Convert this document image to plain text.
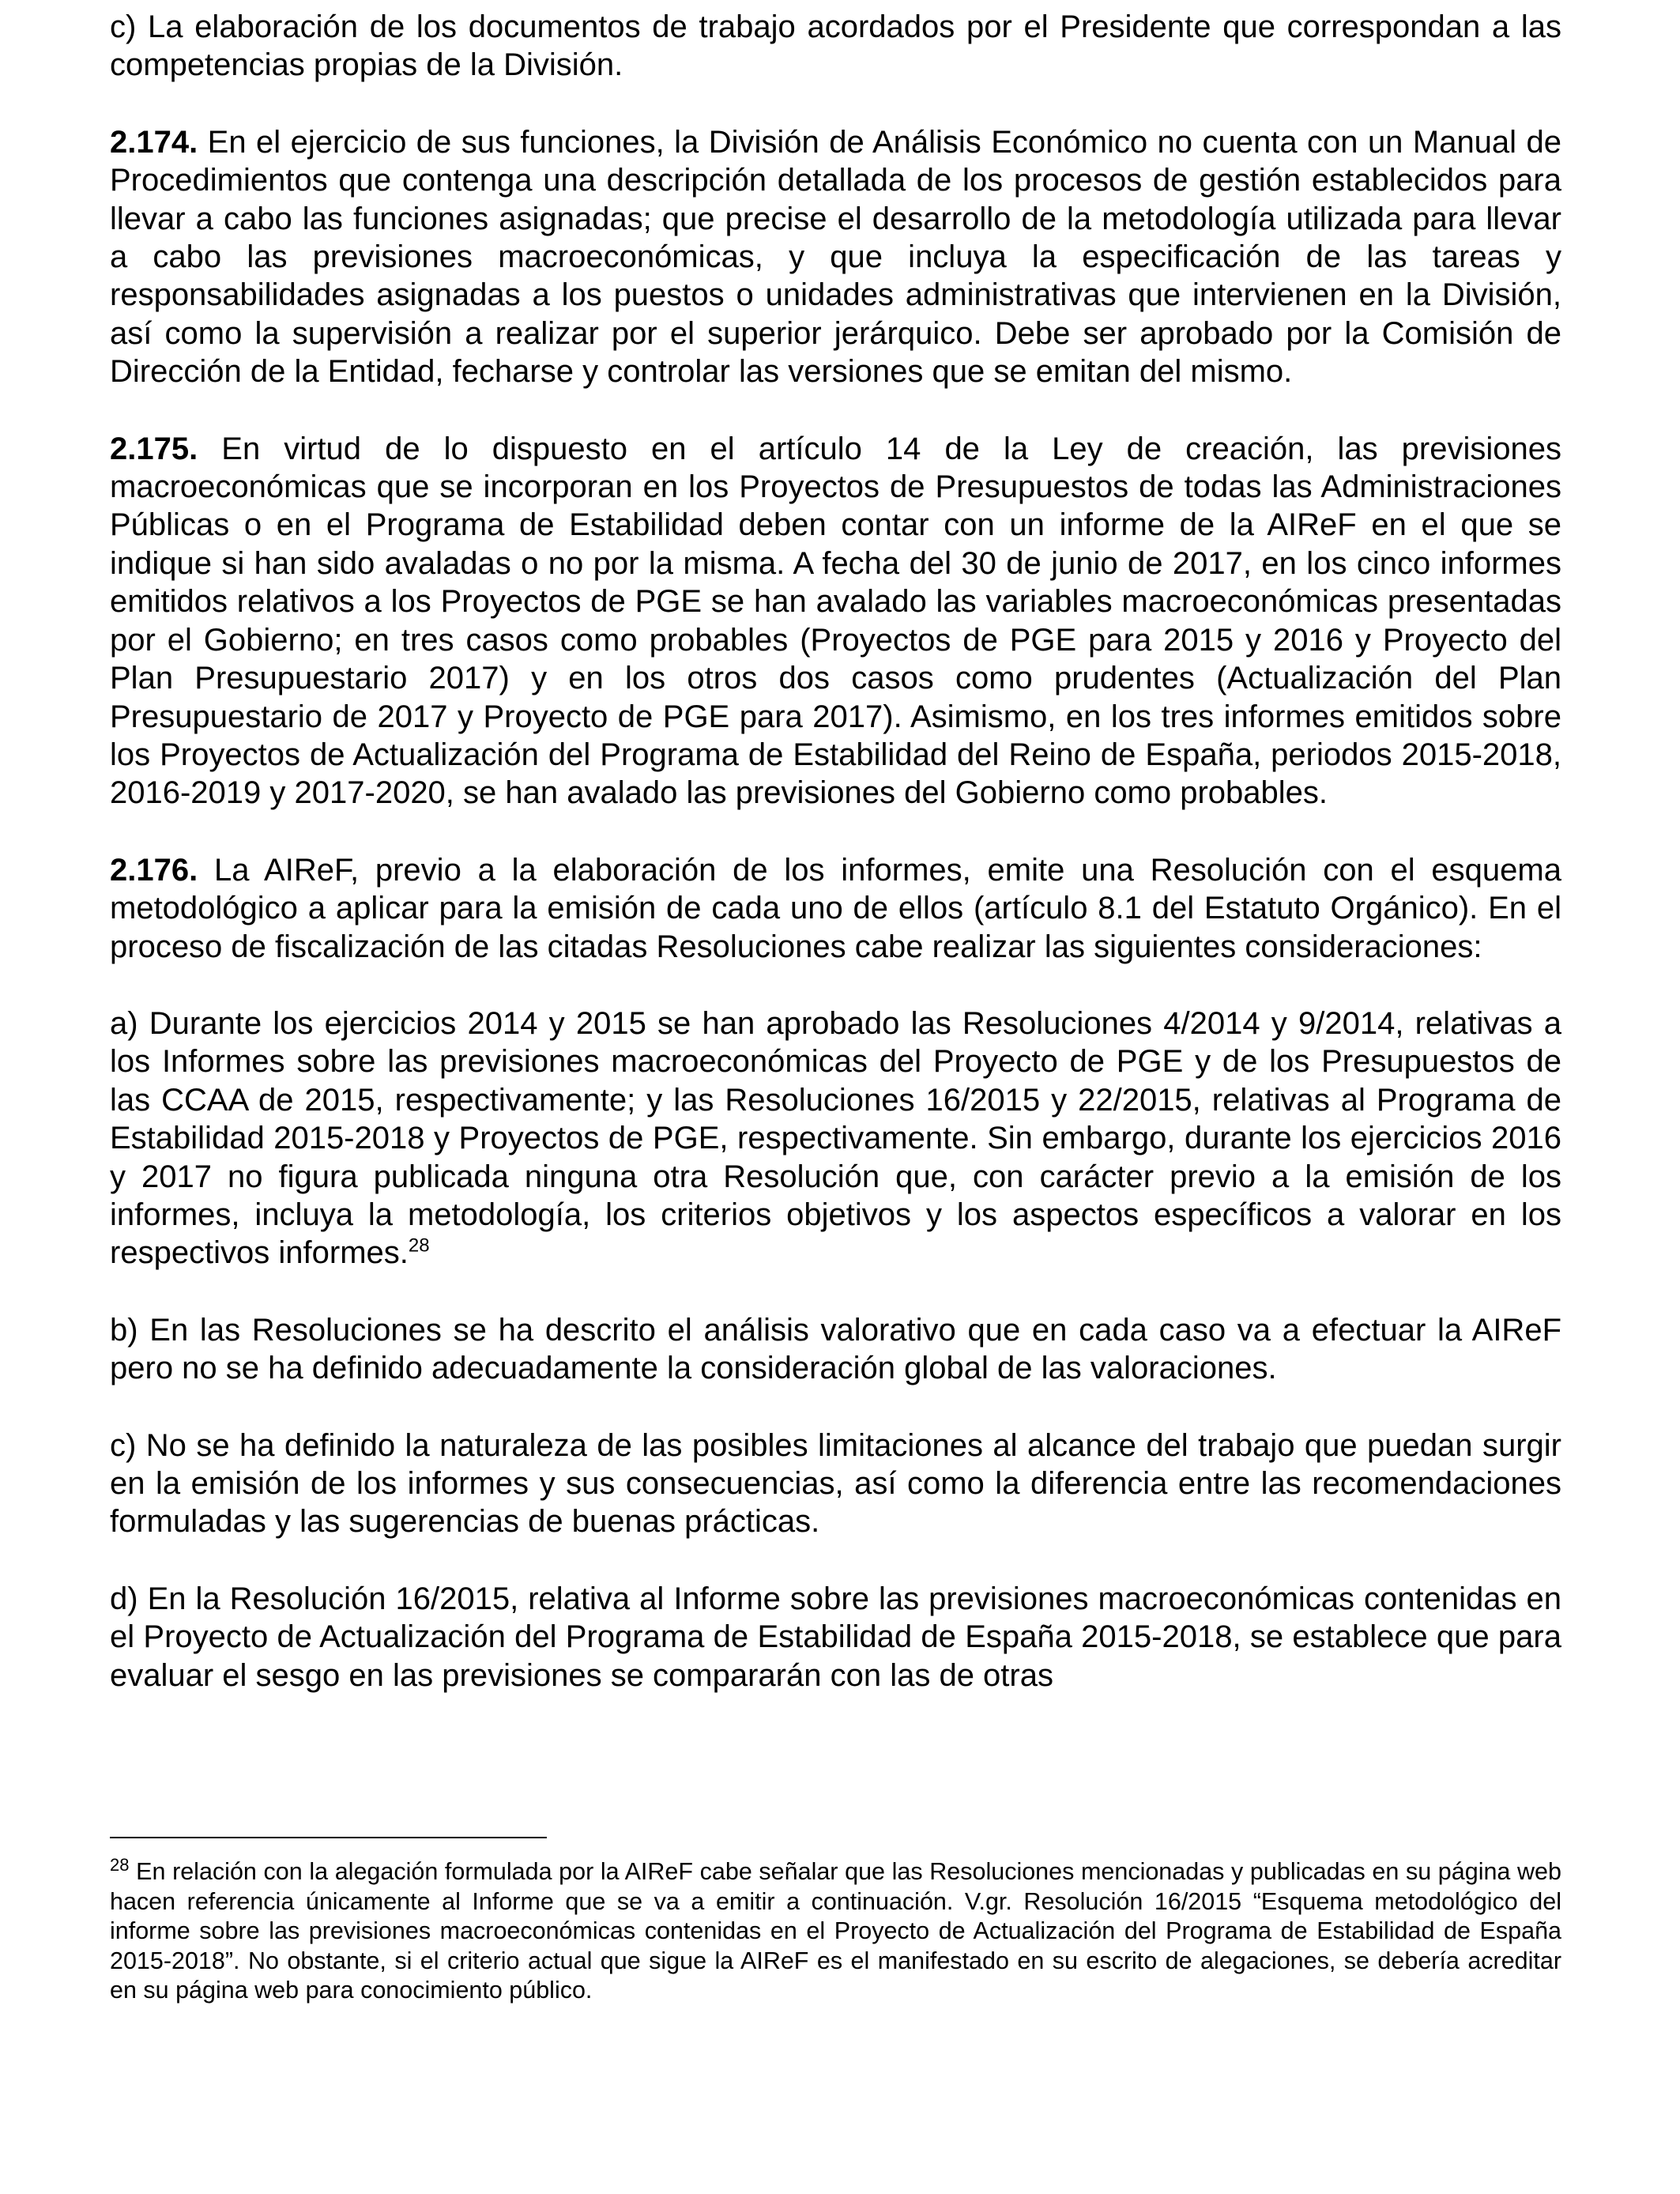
c) La elaboración de los documentos de trabajo acordados por el Presidente que correspondan a las competencias propias de la División.

2.174. En el ejercicio de sus funciones, la División de Análisis Económico no cuenta con un Manual de Procedimientos que contenga una descripción detallada de los procesos de gestión establecidos para llevar a cabo las funciones asignadas; que precise el desarrollo de la metodología utilizada para llevar a cabo las previsiones macroeconómicas, y que incluya la especificación de las tareas y responsabilidades asignadas a los puestos o unidades administrativas que intervienen en la División, así como la supervisión a realizar por el superior jerárquico. Debe ser aprobado por la Comisión de Dirección de la Entidad, fecharse y controlar las versiones que se emitan del mismo.

2.175. En virtud de lo dispuesto en el artículo 14 de la Ley de creación, las previsiones macroeconómicas que se incorporan en los Proyectos de Presupuestos de todas las Administraciones Públicas o en el Programa de Estabilidad deben contar con un informe de la AIReF en el que se indique si han sido avaladas o no por la misma. A fecha del 30 de junio de 2017, en los cinco informes emitidos relativos a los Proyectos de PGE se han avalado las variables macroeconómicas presentadas por el Gobierno; en tres casos como probables (Proyectos de PGE para 2015 y 2016 y Proyecto del Plan Presupuestario 2017) y en los otros dos casos como prudentes (Actualización del Plan Presupuestario de 2017 y Proyecto de PGE para 2017). Asimismo, en los tres informes emitidos sobre los Proyectos de Actualización del Programa de Estabilidad del Reino de España, periodos 2015-2018, 2016-2019 y 2017-2020, se han avalado las previsiones del Gobierno como probables.

2.176. La AIReF, previo a la elaboración de los informes, emite una Resolución con el esquema metodológico a aplicar para la emisión de cada uno de ellos (artículo 8.1 del Estatuto Orgánico). En el proceso de fiscalización de las citadas Resoluciones cabe realizar las siguientes consideraciones:

a) Durante los ejercicios 2014 y 2015 se han aprobado las Resoluciones 4/2014 y 9/2014, relativas a los Informes sobre las previsiones macroeconómicas del Proyecto de PGE y de los Presupuestos de las CCAA de 2015, respectivamente; y las Resoluciones 16/2015 y 22/2015, relativas al Programa de Estabilidad 2015-2018 y Proyectos de PGE, respectivamente. Sin embargo, durante los ejercicios 2016 y 2017 no figura publicada ninguna otra Resolución que, con carácter previo a la emisión de los informes, incluya la metodología, los criterios objetivos y los aspectos específicos a valorar en los respectivos informes.$^{28}$

b) En las Resoluciones se ha descrito el análisis valorativo que en cada caso va a efectuar la AIReF pero no se ha definido adecuadamente la consideración global de las valoraciones.

c) No se ha definido la naturaleza de las posibles limitaciones al alcance del trabajo que puedan surgir en la emisión de los informes y sus consecuencias, así como la diferencia entre las recomendaciones formuladas y las sugerencias de buenas prácticas.

d) En la Resolución 16/2015, relativa al Informe sobre las previsiones macroeconómicas contenidas en el Proyecto de Actualización del Programa de Estabilidad de España 2015-2018, se establece que para evaluar el sesgo en las previsiones se compararán con las de otras

$^{28}$ En relación con la alegación formulada por la AIReF cabe señalar que las Resoluciones mencionadas y publicadas en su página web hacen referencia únicamente al Informe que se va a emitir a continuación. V.gr. Resolución 16/2015 “Esquema metodológico del informe sobre las previsiones macroeconómicas contenidas en el Proyecto de Actualización del Programa de Estabilidad de España 2015-2018”. No obstante, si el criterio actual que sigue la AIReF es el manifestado en su escrito de alegaciones, se debería acreditar en su página web para conocimiento público.
